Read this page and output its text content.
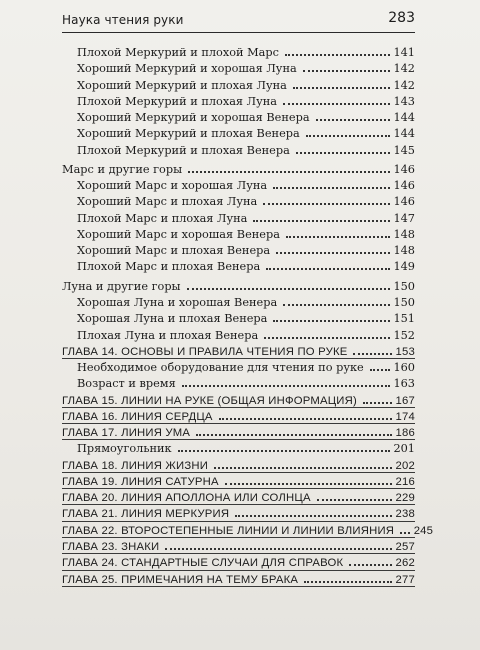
Наука чтения руки	283
Плохой Меркурий и плохой Марс	141
Хороший Меркурий и хорошая Луна	142
Хороший Меркурий и плохая Луна	142
Плохой Меркурий и плохая Луна	143
Хороший Меркурий и хорошая Венера	144
Хороший Меркурий и плохая Венера	144
Плохой Меркурий и плохая Венера	145
Марс и другие горы	146
Хороший Марс и хорошая Луна	146
Хороший Марс и плохая Луна	146
Плохой Марс и плохая Луна	147
Хороший Марс и хорошая Венера	148
Хороший Марс и плохая Венера	148
Плохой Марс и плохая Венера	149
Луна и другие горы	150
Хорошая Луна и хорошая Венера	150
Хорошая Луна и плохая Венера	151
Плохая Луна и плохая Венера	152
ГЛАВА 14. ОСНОВЫ И ПРАВИЛА ЧТЕНИЯ ПО РУКЕ	153
Необходимое оборудование для чтения по руке	160
Возраст и время	163
ГЛАВА 15. ЛИНИИ НА РУКЕ (ОБЩАЯ ИНФОРМАЦИЯ)	167
ГЛАВА 16. ЛИНИЯ СЕРДЦА	174
ГЛАВА 17. ЛИНИЯ УМА	186
Прямоугольник	201
ГЛАВА 18. ЛИНИЯ ЖИЗНИ	202
ГЛАВА 19. ЛИНИЯ САТУРНА	216
ГЛАВА 20. ЛИНИЯ АПОЛЛОНА ИЛИ СОЛНЦА	229
ГЛАВА 21. ЛИНИЯ МЕРКУРИЯ	238
ГЛАВА 22. ВТОРОСТЕПЕННЫЕ ЛИНИИ И ЛИНИИ ВЛИЯНИЯ	245
ГЛАВА 23. ЗНАКИ	257
ГЛАВА 24. СТАНДАРТНЫЕ СЛУЧАИ ДЛЯ СПРАВОК	262
ГЛАВА 25. ПРИМЕЧАНИЯ НА ТЕМУ БРАКА	277
